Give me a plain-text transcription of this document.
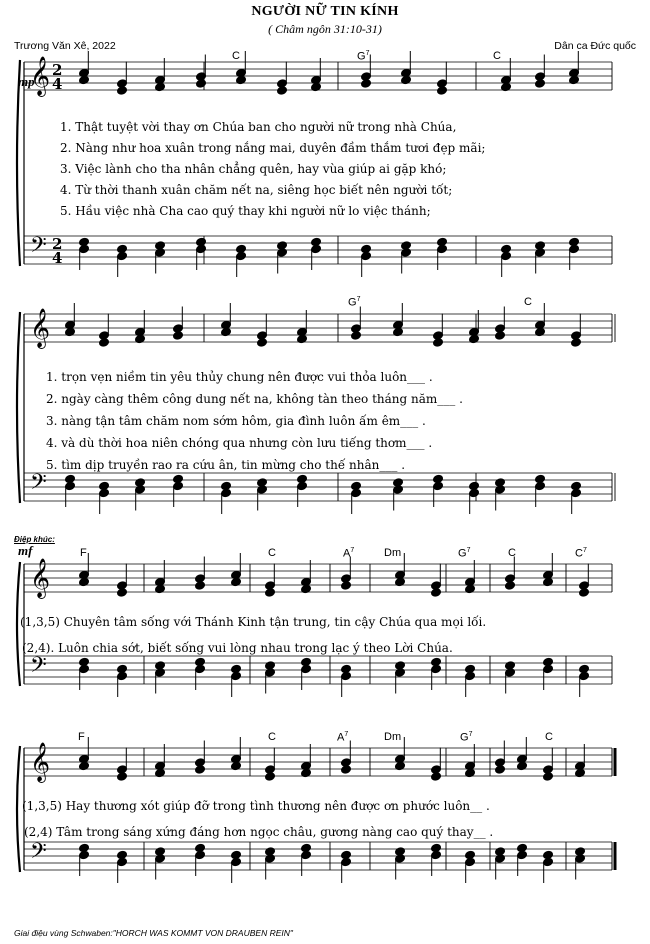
NGƯỜI NỮ TIN KÍNH
( Châm ngôn 31:10-31)
Trương Văn Xê, 2022	Dân ca Đức quốc
𝄞
𝄢
2
4
2
4
𝄞
𝄢
𝄞
𝄢
𝄞
𝄢
mp
mf
Điệp khúc:
C	$G^7$	C
1. Thật tuyệt vời thay ơn Chúa ban cho người nữ trong nhà Chúa,
2. Nàng như hoa xuân trong nắng mai, duyên đầm thắm tươi đẹp mãi;
3. Việc lành cho tha nhân chẳng quên, hay vùa giúp ai gặp khó;
4. Từ thời thanh xuân chăm nết na, siêng học biết nên người tốt;
5. Hầu việc nhà Cha cao quý thay khi người nữ lo việc thánh;
$G^7$	C
1. trọn vẹn niềm tin yêu thủy chung nên được vui thỏa luôn___ .
2. ngày càng thêm công dung nết na, không tàn theo tháng năm___ .
3. nàng tận tâm chăm nom sớm hôm, gia đình luôn ấm êm___ .
4. và dù thời hoa niên chóng qua nhưng còn lưu tiếng thơm___ .
5. tìm dịp truyền rao ra cứu ân, tin mừng cho thế nhân___ .
F	C	$A^7$	Dm	$G^7$	C	$C^7$
(1,3,5) Chuyên tâm sống với Thánh Kinh tận trung, tin cậy Chúa qua mọi lối.
(2,4). Luôn chia sớt, biết sống vui lòng nhau trong lạc ý theo Lời Chúa.
F	C	$A^7$	Dm	$G^7$	C
(1,3,5) Hay thương xót giúp đỡ trong tình thương nên được ơn phước luôn__ .
(2,4) Tâm trong sáng xứng đáng hơn ngọc châu, gương nàng cao quý thay__ .
Giai điệu vùng Schwaben:"HORCH WAS KOMMT VON DRAUBEN REIN"
